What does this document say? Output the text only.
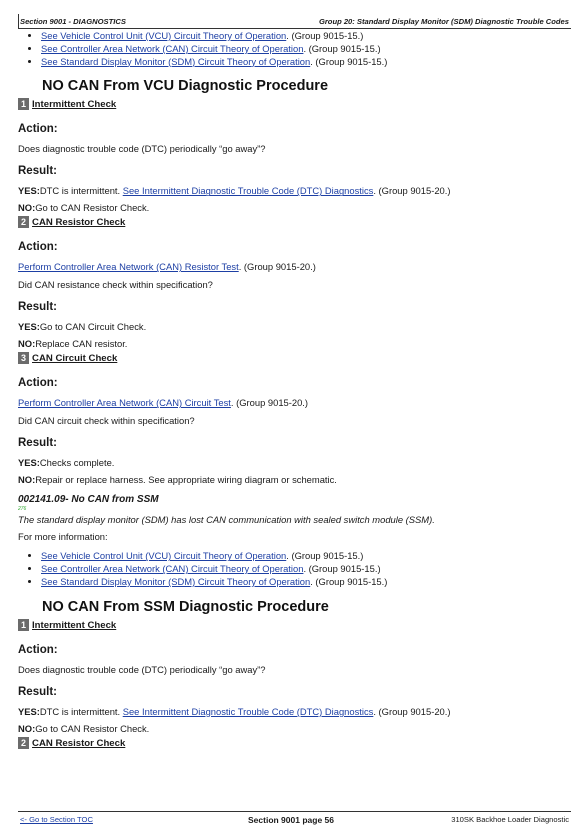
Section 9001 - DIAGNOSTICS	Group 20: Standard Display Monitor (SDM) Diagnostic Trouble Codes
• See Vehicle Control Unit (VCU) Circuit Theory of Operation. (Group 9015-15.)
• See Controller Area Network (CAN) Circuit Theory of Operation. (Group 9015-15.)
• See Standard Display Monitor (SDM) Circuit Theory of Operation. (Group 9015-15.)
NO CAN From VCU Diagnostic Procedure
1 Intermittent Check
Action:
Does diagnostic trouble code (DTC) periodically “go away”?
Result:
YES:DTC is intermittent. See Intermittent Diagnostic Trouble Code (DTC) Diagnostics. (Group 9015-20.)
NO:Go to CAN Resistor Check.
2 CAN Resistor Check
Action:
Perform Controller Area Network (CAN) Resistor Test. (Group 9015-20.)
Did CAN resistance check within specification?
Result:
YES:Go to CAN Circuit Check.
NO:Replace CAN resistor.
3 CAN Circuit Check
Action:
Perform Controller Area Network (CAN) Circuit Test. (Group 9015-20.)
Did CAN circuit check within specification?
Result:
YES:Checks complete.
NO:Repair or replace harness. See appropriate wiring diagram or schematic.
002141.09- No CAN from SSM
276
The standard display monitor (SDM) has lost CAN communication with sealed switch module (SSM).
For more information:
• See Vehicle Control Unit (VCU) Circuit Theory of Operation. (Group 9015-15.)
• See Controller Area Network (CAN) Circuit Theory of Operation. (Group 9015-15.)
• See Standard Display Monitor (SDM) Circuit Theory of Operation. (Group 9015-15.)
NO CAN From SSM Diagnostic Procedure
1 Intermittent Check
Action:
Does diagnostic trouble code (DTC) periodically “go away”?
Result:
YES:DTC is intermittent. See Intermittent Diagnostic Trouble Code (DTC) Diagnostics. (Group 9015-20.)
NO:Go to CAN Resistor Check.
2 CAN Resistor Check
<- Go to Section TOC	Section 9001 page 56	310SK Backhoe Loader Diagnostic
